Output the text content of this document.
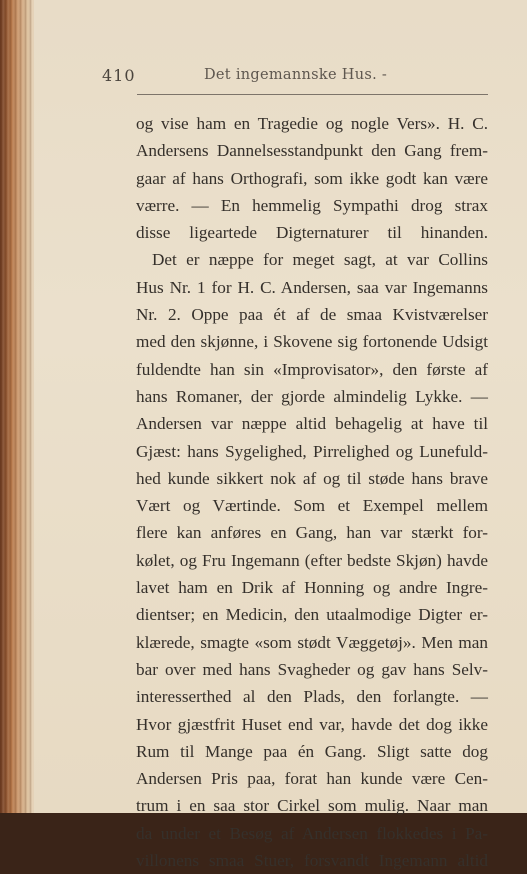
410	Det ingemannske Hus. -
og vise ham en Tragedie og nogle Vers». H. C.
Andersens Dannelsesstandpunkt den Gang frem-
gaar af hans Orthografi, som ikke godt kan være
værre. — En hemmelig Sympathi drog strax
disse ligeartede Digternaturer til hinanden.
Det er næppe for meget sagt, at var Collins
Hus Nr. 1 for H. C. Andersen, saa var Ingemanns
Nr. 2. Oppe paa ét af de smaa Kvistværelser
med den skjønne, i Skovene sig fortonende Udsigt
fuldendte han sin «Improvisator», den første af
hans Romaner, der gjorde almindelig Lykke. —
Andersen var næppe altid behagelig at have til
Gjæst: hans Sygelighed, Pirrelighed og Lunefuld-
hed kunde sikkert nok af og til støde hans brave
Vært og Værtinde. Som et Exempel mellem
flere kan anføres en Gang, han var stærkt for-
kølet, og Fru Ingemann (efter bedste Skjøn) havde
lavet ham en Drik af Honning og andre Ingre-
dientser; en Medicin, den utaalmodige Digter er-
klærede, smagte «som stødt Væggetøj». Men man
bar over med hans Svagheder og gav hans Selv-
interesserthed al den Plads, den forlangte. —
Hvor gjæstfrit Huset end var, havde det dog ikke
Rum til Mange paa én Gang. Sligt satte dog
Andersen Pris paa, forat han kunde være Cen-
trum i en saa stor Cirkel som mulig. Naar man
da under et Besøg af Andersen flokkedes i Pa-
villonens smaa Stuer, forsvandt Ingemann altid
